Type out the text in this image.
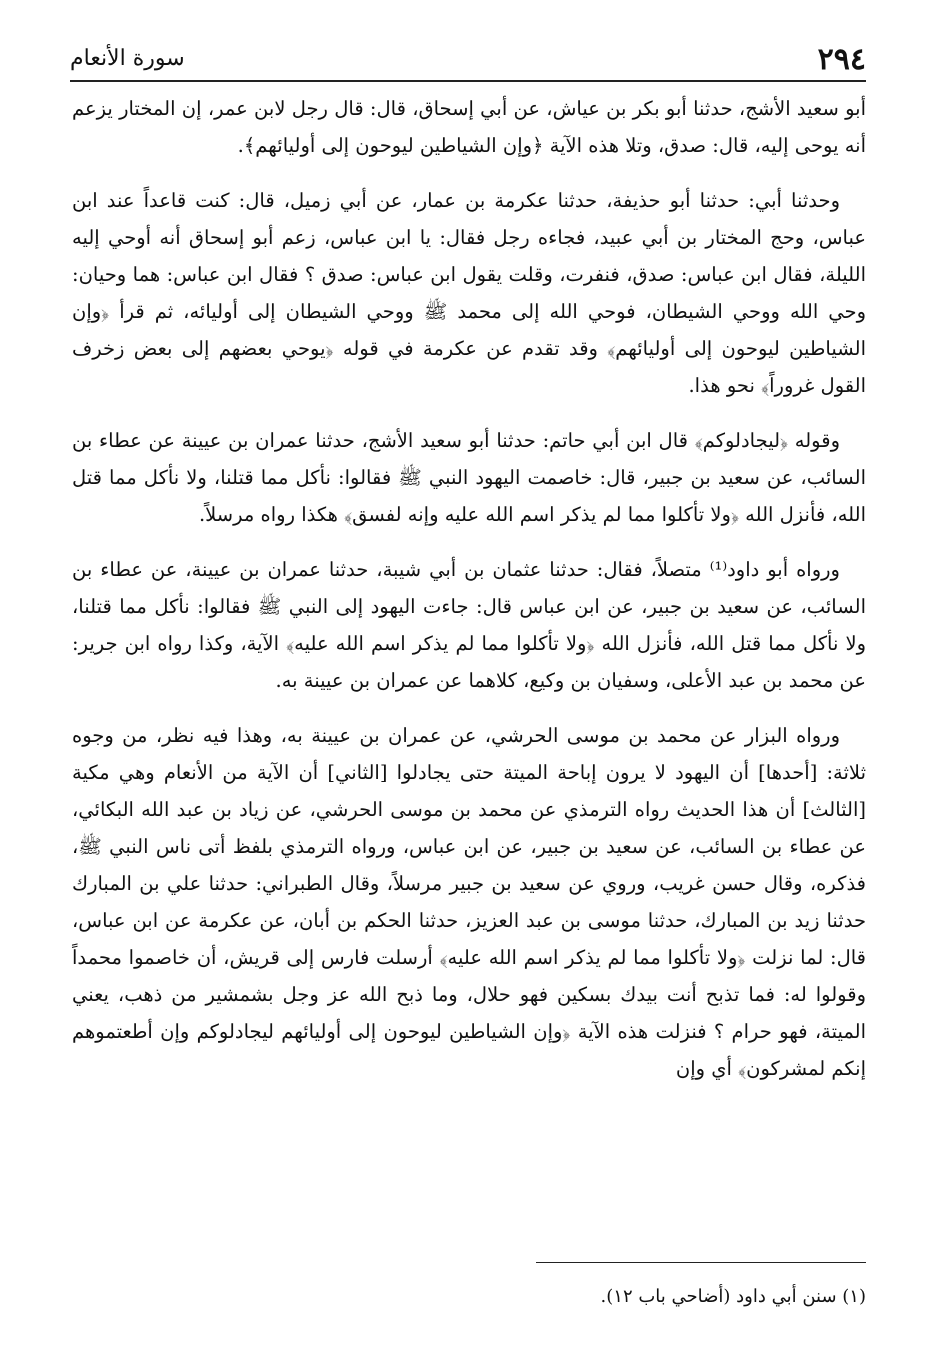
٢٩٤
سورة الأنعام

أبو سعيد الأشج، حدثنا أبو بكر بن عياش، عن أبي إسحاق، قال: قال رجل لابن عمر، إن المختار يزعم أنه يوحى إليه، قال: صدق، وتلا هذه الآية ﴿وإن الشياطين ليوحون إلى أوليائهم﴾.

وحدثنا أبي: حدثنا أبو حذيفة، حدثنا عكرمة بن عمار، عن أبي زميل، قال: كنت قاعداً عند ابن عباس، وحج المختار بن أبي عبيد، فجاءه رجل فقال: يا ابن عباس، زعم أبو إسحاق أنه أوحي إليه الليلة، فقال ابن عباس: صدق، فنفرت، وقلت يقول ابن عباس: صدق ؟ فقال ابن عباس: هما وحيان: وحي الله ووحي الشيطان، فوحي الله إلى محمد ﷺ ووحي الشيطان إلى أوليائه، ثم قرأ ﴿وإن الشياطين ليوحون إلى أوليائهم﴾ وقد تقدم عن عكرمة في قوله ﴿يوحي بعضهم إلى بعض زخرف القول غروراً﴾ نحو هذا.

وقوله ﴿ليجادلوكم﴾ قال ابن أبي حاتم: حدثنا أبو سعيد الأشج، حدثنا عمران بن عيينة عن عطاء بن السائب، عن سعيد بن جبير، قال: خاصمت اليهود النبي ﷺ فقالوا: نأكل مما قتلنا، ولا نأكل مما قتل الله، فأنزل الله ﴿ولا تأكلوا مما لم يذكر اسم الله عليه وإنه لفسق﴾ هكذا رواه مرسلاً.

ورواه أبو داود⁽¹⁾ متصلاً، فقال: حدثنا عثمان بن أبي شيبة، حدثنا عمران بن عيينة، عن عطاء بن السائب، عن سعيد بن جبير، عن ابن عباس قال: جاءت اليهود إلى النبي ﷺ فقالوا: نأكل مما قتلنا، ولا نأكل مما قتل الله، فأنزل الله ﴿ولا تأكلوا مما لم يذكر اسم الله عليه﴾ الآية، وكذا رواه ابن جرير: عن محمد بن عبد الأعلى، وسفيان بن وكيع، كلاهما عن عمران بن عيينة به.

ورواه البزار عن محمد بن موسى الحرشي، عن عمران بن عيينة به، وهذا فيه نظر، من وجوه ثلاثة: [أحدها] أن اليهود لا يرون إباحة الميتة حتى يجادلوا [الثاني] أن الآية من الأنعام وهي مكية [الثالث] أن هذا الحديث رواه الترمذي عن محمد بن موسى الحرشي، عن زياد بن عبد الله البكائي، عن عطاء بن السائب، عن سعيد بن جبير، عن ابن عباس، ورواه الترمذي بلفظ أتى ناس النبي ﷺ، فذكره، وقال حسن غريب، وروي عن سعيد بن جبير مرسلاً، وقال الطبراني: حدثنا علي بن المبارك حدثنا زيد بن المبارك، حدثنا موسى بن عبد العزيز، حدثنا الحكم بن أبان، عن عكرمة عن ابن عباس، قال: لما نزلت ﴿ولا تأكلوا مما لم يذكر اسم الله عليه﴾ أرسلت فارس إلى قريش، أن خاصموا محمداً وقولوا له: فما تذبح أنت بيدك بسكين فهو حلال، وما ذبح الله عز وجل بشمشير من ذهب، يعني الميتة، فهو حرام ؟ فنزلت هذه الآية ﴿وإن الشياطين ليوحون إلى أوليائهم ليجادلوكم وإن أطعتموهم إنكم لمشركون﴾ أي وإن

(١) سنن أبي داود (أضاحي باب ١٢).
